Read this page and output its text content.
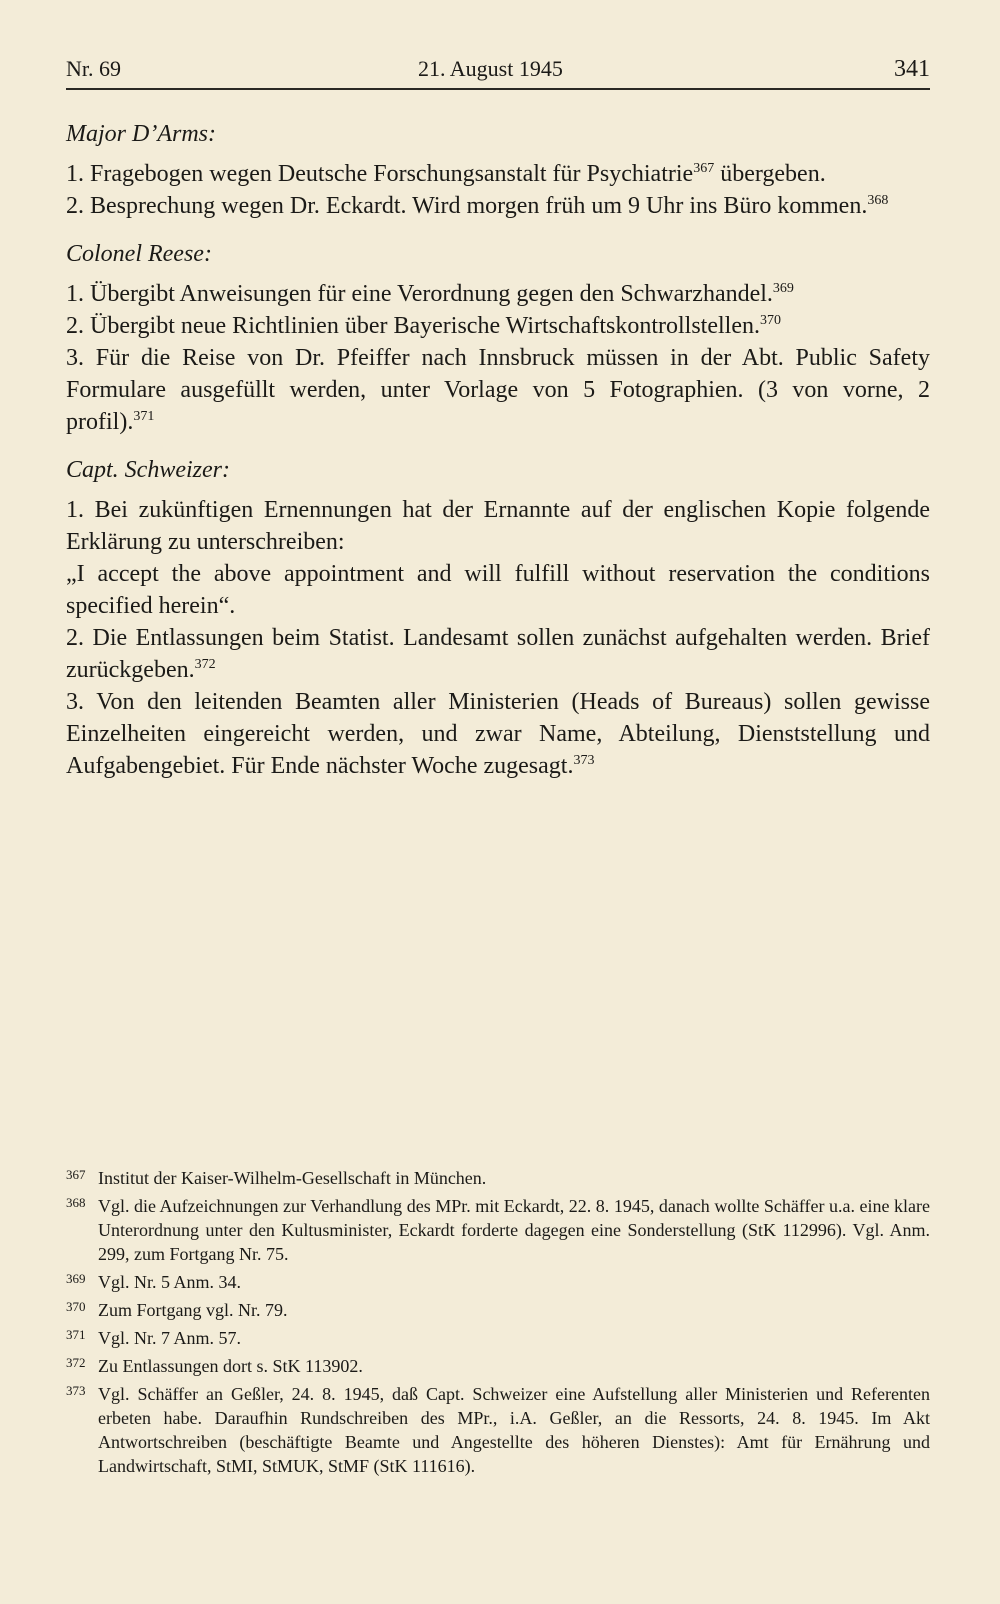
Nr. 69	21. August 1945	341

Major D’Arms:

1. Fragebogen wegen Deutsche Forschungsanstalt für Psychiatrie$^{367}$ übergeben.

2. Besprechung wegen Dr. Eckardt. Wird morgen früh um 9 Uhr ins Büro kommen.$^{368}$

Colonel Reese:

1. Übergibt Anweisungen für eine Verordnung gegen den Schwarzhandel.$^{369}$

2. Übergibt neue Richtlinien über Bayerische Wirtschaftskontrollstellen.$^{370}$

3. Für die Reise von Dr. Pfeiffer nach Innsbruck müssen in der Abt. Public Safety Formulare ausgefüllt werden, unter Vorlage von 5 Fotographien. (3 von vorne, 2 profil).$^{371}$

Capt. Schweizer:

1. Bei zukünftigen Ernennungen hat der Ernannte auf der englischen Kopie folgende Erklärung zu unterschreiben:

„I accept the above appointment and will fulfill without reservation the conditions specified herein“.

2. Die Entlassungen beim Statist. Landesamt sollen zunächst aufgehalten werden. Brief zurückgeben.$^{372}$

3. Von den leitenden Beamten aller Ministerien (Heads of Bureaus) sollen gewisse Einzelheiten eingereicht werden, und zwar Name, Abteilung, Dienststellung und Aufgabengebiet. Für Ende nächster Woche zugesagt.$^{373}$

367 Institut der Kaiser-Wilhelm-Gesellschaft in München.
368 Vgl. die Aufzeichnungen zur Verhandlung des MPr. mit Eckardt, 22. 8. 1945, danach wollte Schäffer u.a. eine klare Unterordnung unter den Kultusminister, Eckardt forderte dagegen eine Sonderstellung (StK 112996). Vgl. Anm. 299, zum Fortgang Nr. 75.
369 Vgl. Nr. 5 Anm. 34.
370 Zum Fortgang vgl. Nr. 79.
371 Vgl. Nr. 7 Anm. 57.
372 Zu Entlassungen dort s. StK 113902.
373 Vgl. Schäffer an Geßler, 24. 8. 1945, daß Capt. Schweizer eine Aufstellung aller Ministerien und Referenten erbeten habe. Daraufhin Rundschreiben des MPr., i.A. Geßler, an die Ressorts, 24. 8. 1945. Im Akt Antwortschreiben (beschäftigte Beamte und Angestellte des höheren Dienstes): Amt für Ernährung und Landwirtschaft, StMI, StMUK, StMF (StK 111616).
